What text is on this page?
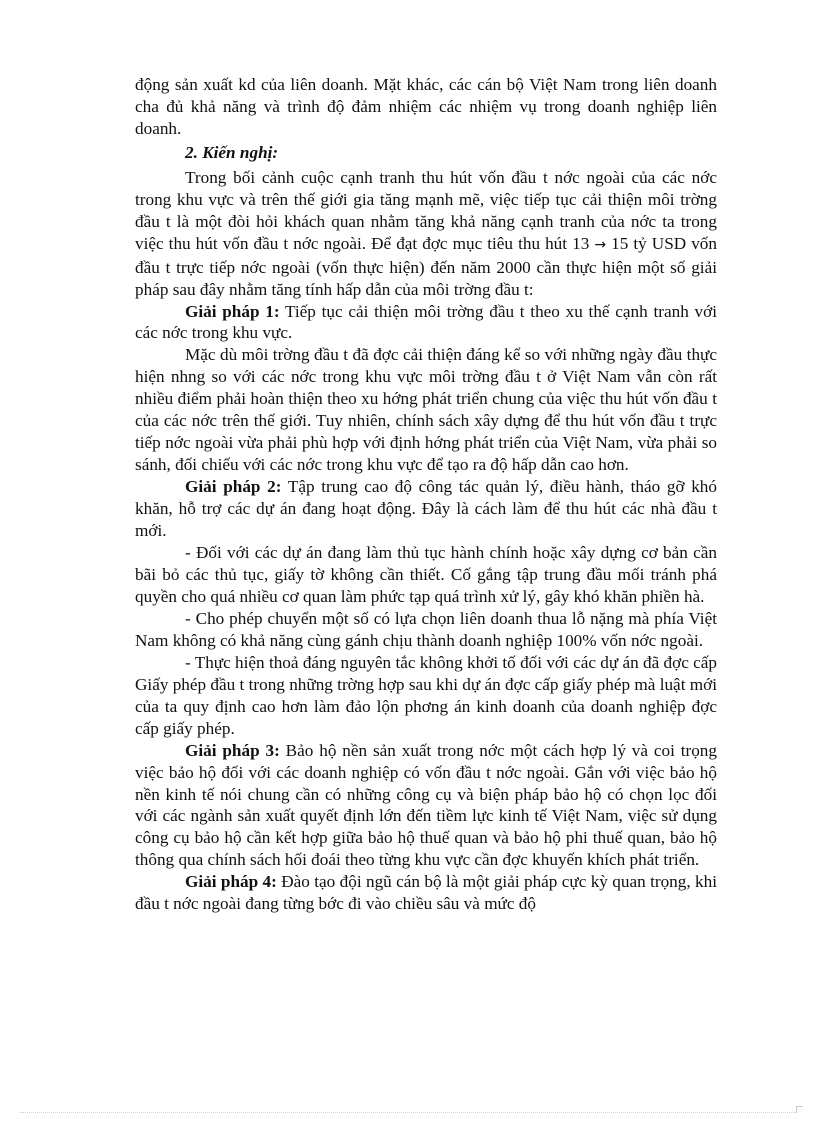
động sản xuất kd của liên doanh. Mặt khác, các cán bộ Việt Nam trong liên doanh cha đủ khả năng và trình độ đảm nhiệm các nhiệm vụ trong doanh nghiệp liên doanh.

2. Kiến nghị:

Trong bối cảnh cuộc cạnh tranh thu hút vốn đầu t nớc ngoài của các nớc trong khu vực và trên thế giới gia tăng mạnh mẽ, việc tiếp tục cải thiện môi trờng đầu t là một đòi hỏi khách quan nhằm tăng khả năng cạnh tranh của nớc ta trong việc thu hút vốn đầu t nớc ngoài. Để đạt đợc mục tiêu thu hút 13 → 15 tỷ USD vốn đầu t trực tiếp nớc ngoài (vốn thực hiện) đến năm 2000 cần thực hiện một số giải pháp sau đây nhằm tăng tính hấp dẫn của môi trờng đầu t:

Giải pháp 1: Tiếp tục cải thiện môi trờng đầu t theo xu thế cạnh tranh với các nớc trong khu vực.

Mặc dù môi trờng đầu t đã đợc cải thiện đáng kể so với những ngày đầu thực hiện nhng so với các nớc trong khu vực môi trờng đầu t ở Việt Nam vẫn còn rất nhiều điểm phải hoàn thiện theo xu hớng phát triển chung của việc thu hút vốn đầu t của các nớc trên thế giới. Tuy nhiên, chính sách xây dựng để thu hút vốn đầu t trực tiếp nớc ngoài vừa phải phù hợp với định hớng phát triển của Việt Nam, vừa phải so sánh, đối chiếu với các nớc trong khu vực để tạo ra độ hấp dẫn cao hơn.

Giải pháp 2: Tập trung cao độ công tác quản lý, điều hành, tháo gỡ khó khăn, hỗ trợ các dự án đang hoạt động. Đây là cách làm để thu hút các nhà đầu t mới.

- Đối với các dự án đang làm thủ tục hành chính hoặc xây dựng cơ bản cần bãi bỏ các thủ tục, giấy tờ không cần thiết. Cố gắng tập trung đầu mối tránh phá quyền cho quá nhiều cơ quan làm phức tạp quá trình xử lý, gây khó khăn phiền hà.

- Cho phép chuyển một số có lựa chọn liên doanh thua lỗ nặng mà phía Việt Nam không có khả năng cùng gánh chịu thành doanh nghiệp 100% vốn nớc ngoài.

- Thực hiện thoả đáng nguyên tắc không khởi tố đối với các dự án đã đợc cấp Giấy phép đầu t trong những trờng hợp sau khi dự án đợc cấp giấy phép mà luật mới của ta quy định cao hơn làm đảo lộn phơng án kinh doanh của doanh nghiệp đợc cấp giấy phép.

Giải pháp 3: Bảo hộ nền sản xuất trong nớc một cách hợp lý và coi trọng việc bảo hộ đối với các doanh nghiệp có vốn đầu t nớc ngoài. Gắn với việc bảo hộ nền kinh tế nói chung cần có những công cụ và biện pháp bảo hộ có chọn lọc đối với các ngành sản xuất quyết định lớn đến tiềm lực kinh tế Việt Nam, việc sử dụng công cụ bảo hộ cần kết hợp giữa bảo hộ thuế quan và bảo hộ phi thuế quan, bảo hộ thông qua chính sách hối đoái theo từng khu vực cần đợc khuyến khích phát triển.

Giải pháp 4: Đào tạo đội ngũ cán bộ là một giải pháp cực kỳ quan trọng, khi đầu t nớc ngoài đang từng bớc đi vào chiều sâu và mức độ
